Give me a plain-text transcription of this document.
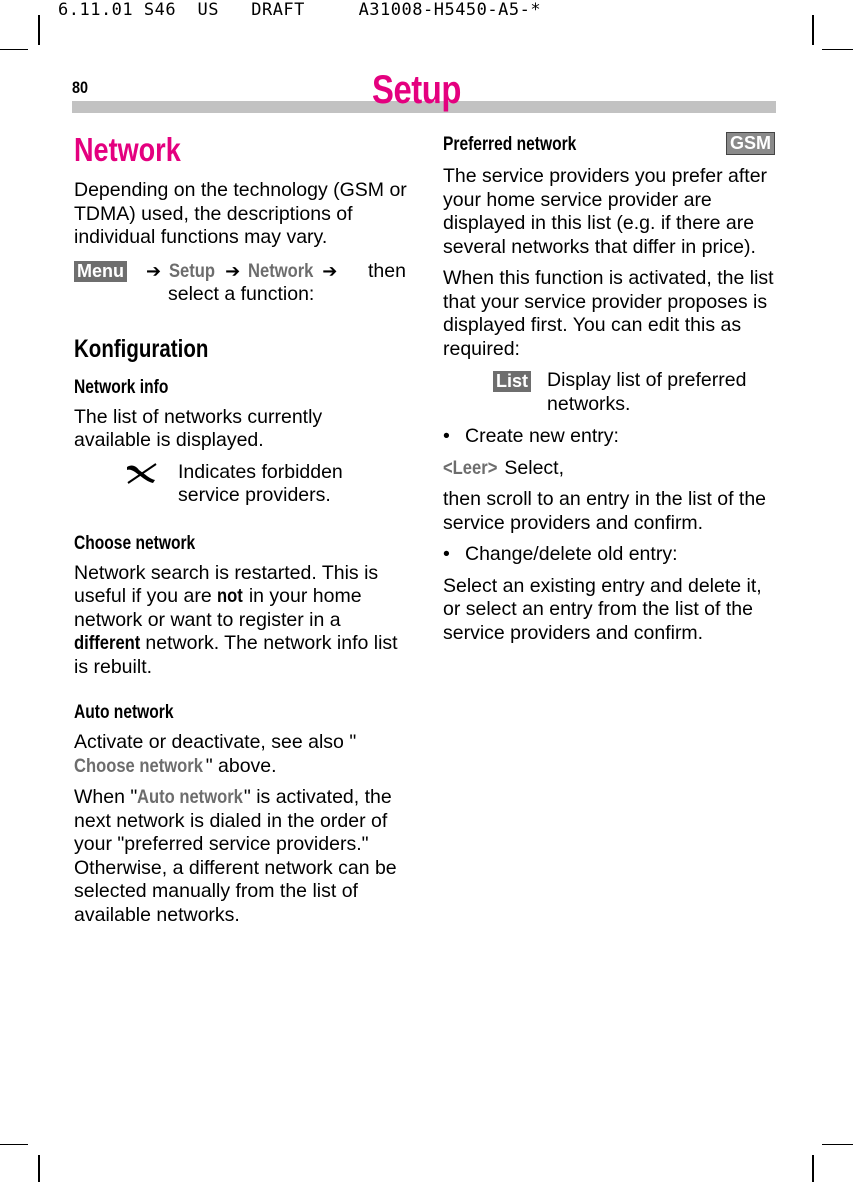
6.11.01 S46  US   DRAFT     A31008-H5450-A5-*
80	Setup
Network

Depending on the technology (GSM or TDMA) used, the descriptions of individual functions may vary.

Menu	➔ Setup ➔ Network ➔	then select a function:

Konfiguration
Network info

The list of networks currently available is displayed.

Indicates forbidden service providers.

Choose network

Network search is restarted. This is useful if you are not in your home network or want to register in a different network. The network info list is rebuilt.

Auto network

Activate or deactivate, see also "Choose network " above.

When "Auto network" is activated, the next network is dialed in the order of your "preferred service providers." Otherwise, a different network can be selected manually from the list of available networks.

Preferred network	GSM

The service providers you prefer after your home service provider are displayed in this list (e.g. if there are several networks that differ in price).

When this function is activated, the list that your service provider proposes is displayed first. You can edit this as required:

List Display list of preferred networks.

• Create new entry:

<Leer> Select,

then scroll to an entry in the list of the service providers and confirm.

• Change/delete old entry:

Select an existing entry and delete it, or select an entry from the list of the service providers and confirm.
